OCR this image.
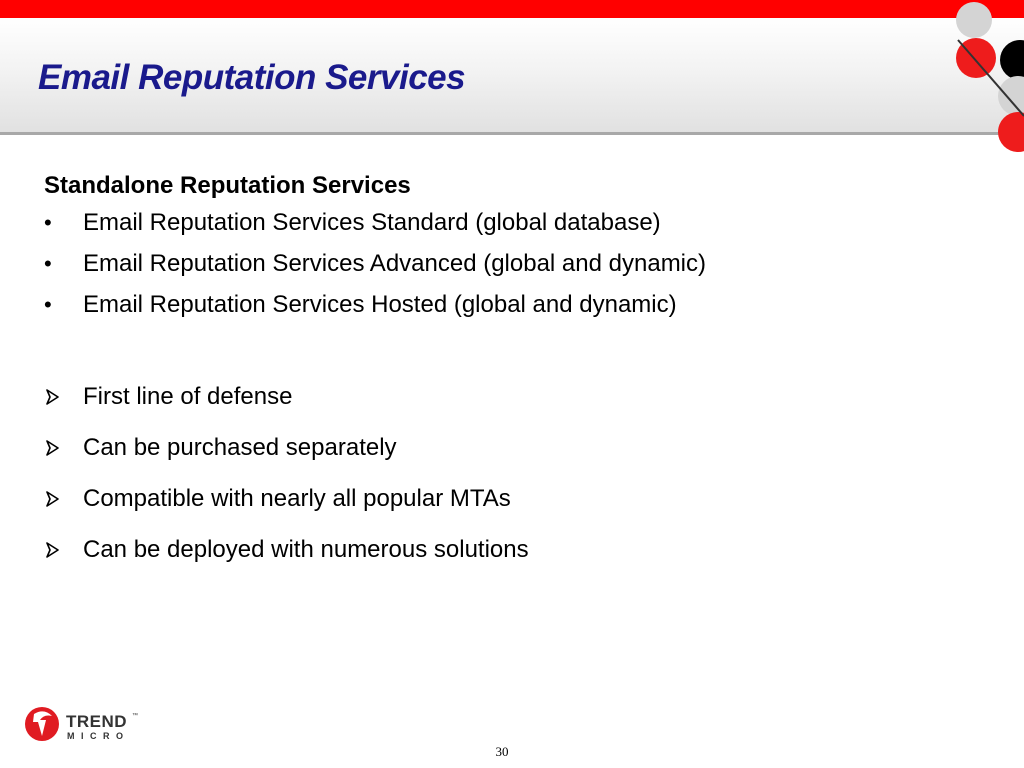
Email Reputation Services

Standalone Reputation Services

•	Email Reputation Services Standard (global database)
•	Email Reputation Services Advanced (global and dynamic)
•	Email Reputation Services Hosted (global and dynamic)
First line of defense
Can be purchased separately
Compatible with nearly all popular MTAs
Can be deployed with numerous solutions
TREND
MICRO
™
30
